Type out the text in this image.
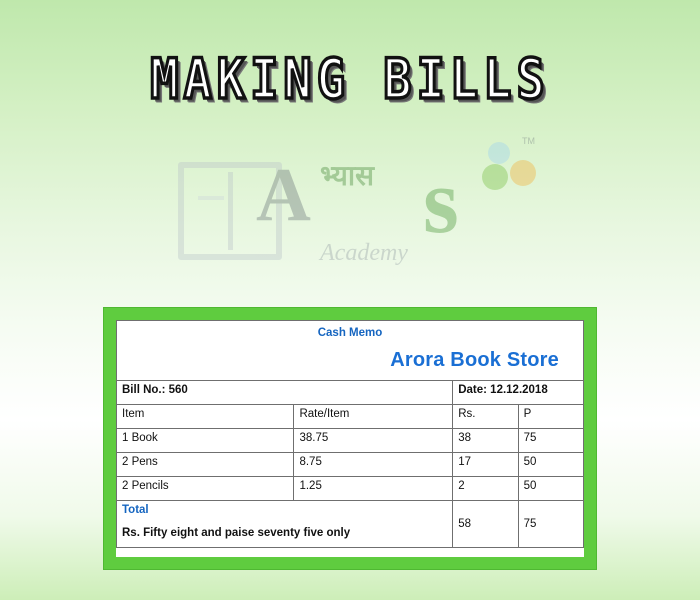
MAKING BILLS
A भ्यास s
Academy
TM
Cash Memo
Arora Book Store
Bill No.: 560		Date: 12.12.2018	
Item	Rate/Item	Rs.	P
1 Book	38.75	38	75
2 Pens	8.75	17	50
2 Pencils	1.25	2	50
Total		58	75
Rs. Fifty eight and paise seventy five only			
